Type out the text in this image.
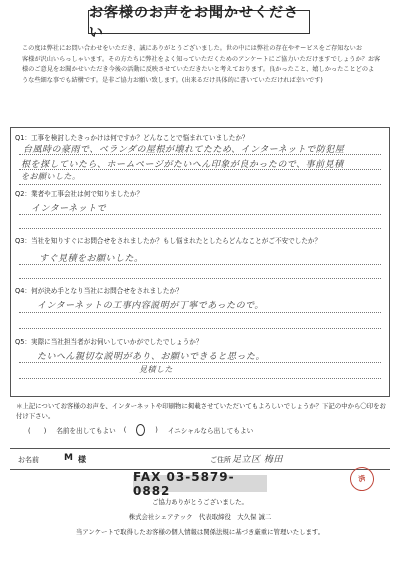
お客様のお声をお聞かせください

この度は弊社にお問い合わせをいただき、誠にありがとうございました。世の中には弊社の存在やサービスをご存知ないお

客様が沢山いらっしゃいます。その方たちに弊社をよく知っていただくためのアンケートにご協力いただけますでしょうか？お客

様のご意見をお聞かせいただき今後の活動に反映させていただきたいと考えております。良かったこと、嬉しかったことどのよ

うな些細な事でも結構です。是非ご協力お願い致します。(出来るだけ具体的に書いていただければ幸いです)

Q1：工事を検討したきっかけは何ですか？どんなことで悩まれていましたか？
台風時の豪雨で、ベランダの屋根が壊れてたため、インターネットで防犯屋
根を探していたら、ホームページがたいへん印象が良かったので、事前見積
をお願いした。
Q2：業者や工事会社は何で知りましたか？
インターネットで
Q3：当社を知りすぐにお問合せをされましたか？もし悩まれたとしたらどんなことがご不安でしたか？
すぐ見積をお願いした。
Q4：何が決め手となり当社にお問合せをされましたか？
インターネットの工事内容説明が丁寧であったので。
Q5：実際に当社担当者がお伺いしていかがでしたでしょうか？
たいへん親切な説明があり、お願いできると思った。
見積した
＊上記についてお客様のお声を、インターネットや印刷物に掲載させていただいてもよろしいでしょうか？下記の中から〇印をお付け下さい。
(　　) 名前を出してもよい (	) イニシャルなら出してもよい
お名前	M 様	ご住所 足立区 梅田
FAX 03-5879-0882
済
ご協力ありがとうございました。
株式会社シェアテック　代表取締役　大久保 誠二
当アンケートで取得したお客様の個人情報は関係法規に基づき厳重に管理いたします。
